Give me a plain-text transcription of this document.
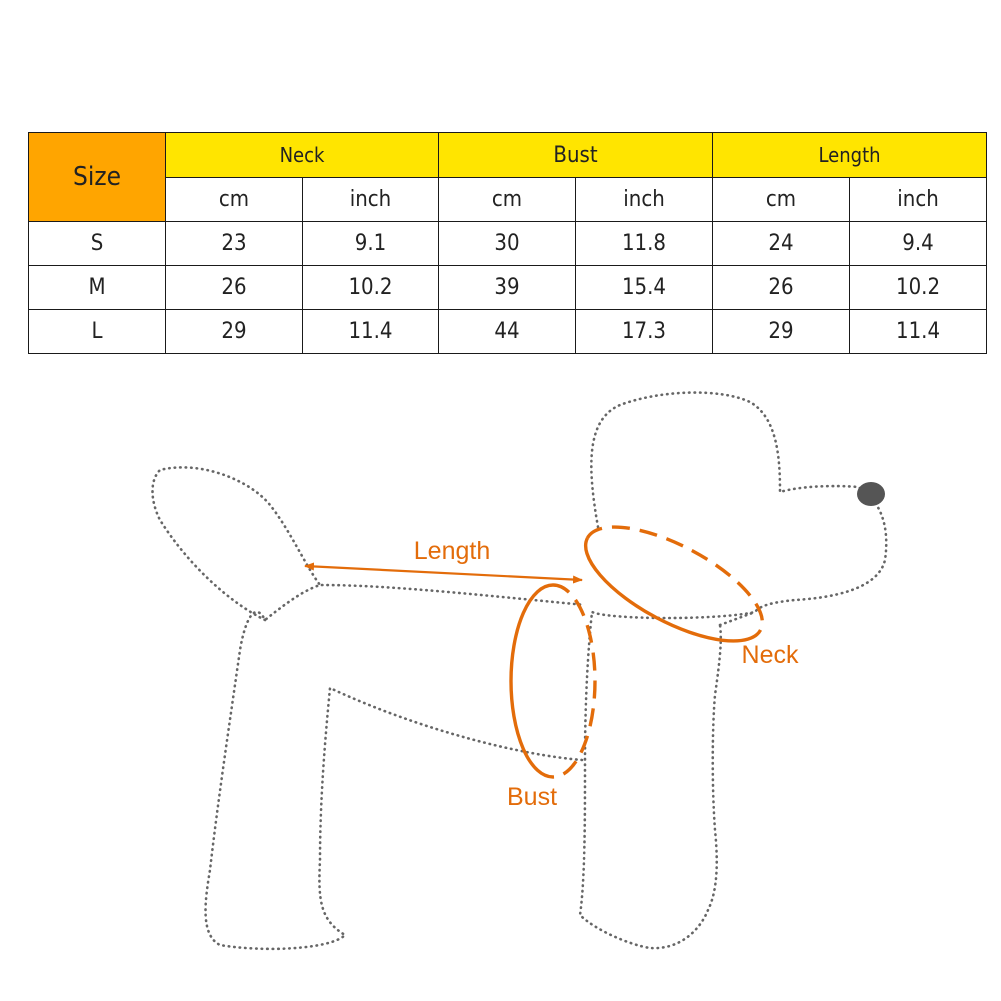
Size	Neck		Bust		Length	
	cm	inch	cm	inch	cm	inch
S	23	9.1	30	11.8	24	9.4
M	26	10.2	39	15.4	26	10.2
L	29	11.4	44	17.3	29	11.4
Length
Neck
Bust
